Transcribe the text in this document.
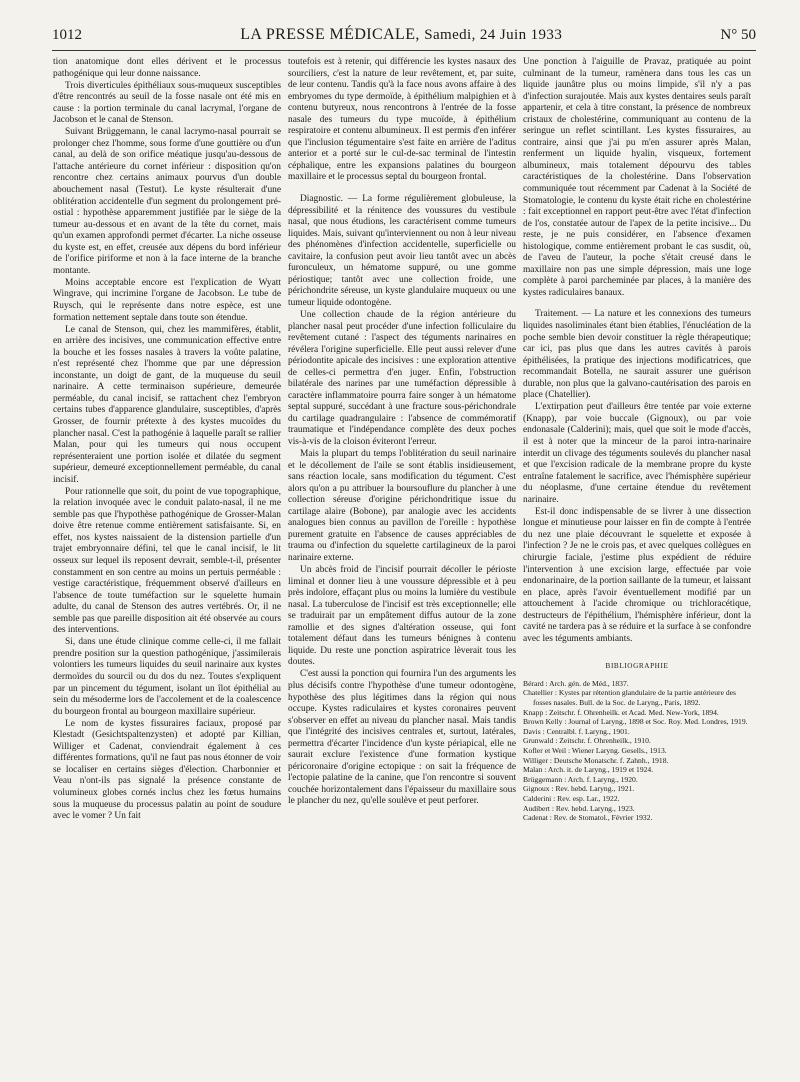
1012	LA PRESSE MÉDICALE, Samedi, 24 Juin 1933	N° 50

tion anatomique dont elles dérivent et le processus pathogénique qui leur donne naissance.

Trois diverticules épithéliaux sous-muqueux susceptibles d'être rencontrés au seuil de la fosse nasale ont été mis en cause : la portion terminale du canal lacrymal, l'organe de Jacobson et le canal de Stenson.

Suivant Brüggemann, le canal lacrymo-nasal pourrait se prolonger chez l'homme, sous forme d'une gouttière ou d'un canal, au delà de son orifice méatique jusqu'au-dessous de l'attache antérieure du cornet inférieur : disposition qu'on rencontre chez certains animaux pourvus d'un double abouchement nasal (Testut). Le kyste résulterait d'une oblitération accidentelle d'un segment du prolongement pré-ostial : hypothèse apparemment justifiée par le siège de la tumeur au-dessous et en avant de la tête du cornet, mais qu'un examen approfondi permet d'écarter. La niche osseuse du kyste est, en effet, creusée aux dépens du bord inférieur de l'orifice piriforme et non à la face interne de la branche montante.

Moins acceptable encore est l'explication de Wyatt Wingrave, qui incrimine l'organe de Jacobson. Le tube de Ruysch, qui le représente dans notre espèce, est une formation nettement septale dans toute son étendue.

Le canal de Stenson, qui, chez les mammifères, établit, en arrière des incisives, une communication effective entre la bouche et les fosses nasales à travers la voûte palatine, n'est représenté chez l'homme que par une dépression inconstante, un doigt de gant, de la muqueuse du seuil narinaire. A cette terminaison supérieure, demeurée perméable, du canal incisif, se rattachent chez l'embryon certains tubes d'apparence glandulaire, susceptibles, d'après Grosser, de fournir prétexte à des kystes mucoïdes du plancher nasal. C'est la pathogénie à laquelle paraît se rallier Malan, pour qui les tumeurs qui nous occupent représenteraient une portion isolée et dilatée du segment supérieur, demeuré exceptionnellement perméable, du canal incisif.

Pour rationnelle que soit, du point de vue topographique, la relation invoquée avec le conduit palato-nasal, il ne me semble pas que l'hypothèse pathogénique de Grosser-Malan doive être retenue comme entièrement satisfaisante. Si, en effet, nos kystes naissaient de la distension partielle d'un trajet embryonnaire défini, tel que le canal incisif, le lit osseux sur lequel ils reposent devrait, semble-t-il, présenter constamment en son centre au moins un pertuis perméable : vestige caractéristique, fréquemment observé d'ailleurs en l'absence de toute tuméfaction sur le squelette humain adulte, du canal de Stenson des autres vertébrés. Or, il ne semble pas que pareille disposition ait été observée au cours des interventions.

Si, dans une étude clinique comme celle-ci, il me fallait prendre position sur la question pathogénique, j'assimilerais volontiers les tumeurs liquides du seuil narinaire aux kystes dermoïdes du sourcil ou du dos du nez. Toutes s'expliquent par un pincement du tégument, isolant un îlot épithélial au sein du mésoderme lors de l'accolement et de la coalescence du bourgeon frontal au bourgeon maxillaire supérieur.

Le nom de kystes fissuraires faciaux, proposé par Klestadt (Gesichtspaltenzysten) et adopté par Killian, Williger et Cadenat, conviendrait également à ces différentes formations, qu'il ne faut pas nous étonner de voir se localiser en certains sièges d'élection. Charbonnier et Veau n'ont-ils pas signalé la présence constante de volumineux globes cornés inclus chez les fœtus humains sous la muqueuse du processus palatin au point de soudure avec le vomer ? Un fait

toutefois est à retenir, qui différencie les kystes nasaux des sourciliers, c'est la nature de leur revêtement, et, par suite, de leur contenu. Tandis qu'à la face nous avons affaire à des embryomes du type dermoïde, à épithélium malpighien et à contenu butyreux, nous rencontrons à l'entrée de la fosse nasale des tumeurs du type mucoïde, à épithélium respiratoire et contenu albumineux. Il est permis d'en inférer que l'inclusion tégumentaire s'est faite en arrière de l'aditus anterior et a porté sur le cul-de-sac terminal de l'intestin céphalique, entre les expansions palatines du bourgeon maxillaire et le processus septal du bourgeon frontal.

Diagnostic. — La forme régulièrement globuleuse, la dépressibilité et la rénitence des voussures du vestibule nasal, que nous étudions, les caractérisent comme tumeurs liquides. Mais, suivant qu'interviennent ou non à leur niveau des phénomènes d'infection accidentelle, superficielle ou cavitaire, la confusion peut avoir lieu tantôt avec un abcès furonculeux, un hématome suppuré, ou une gomme périostique; tantôt avec une collection froide, une périchondrite séreuse, un kyste glandulaire muqueux ou une tumeur liquide odontogène.

Une collection chaude de la région antérieure du plancher nasal peut procéder d'une infection folliculaire du revêtement cutané : l'aspect des téguments narinaires en révélera l'origine superficielle. Elle peut aussi relever d'une périodontite apicale des incisives : une exploration attentive de celles-ci permettra d'en juger. Enfin, l'obstruction bilatérale des narines par une tuméfaction dépressible à caractère inflammatoire pourra faire songer à un hématome septal suppuré, succédant à une fracture sous-périchondrale du cartilage quadrangulaire : l'absence de commémoratif traumatique et l'indépendance complète des deux poches vis-à-vis de la cloison éviteront l'erreur.

Mais la plupart du temps l'oblitération du seuil narinaire et le décollement de l'aile se sont établis insidieusement, sans réaction locale, sans modification du tégument. C'est alors qu'on a pu attribuer la boursouflure du plancher à une collection séreuse d'origine périchondritique issue du cartilage alaire (Bobone), par analogie avec les accidents analogues bien connus au pavillon de l'oreille : hypothèse purement gratuite en l'absence de causes appréciables de trauma ou d'infection du squelette cartilagineux de la paroi narinaire externe.

Un abcès froid de l'incisif pourrait décoller le périoste liminal et donner lieu à une voussure dépressible et à peu près indolore, effaçant plus ou moins la lumière du vestibule nasal. La tuberculose de l'incisif est très exceptionnelle; elle se traduirait par un empâtement diffus autour de la zone ramollie et des signes d'altération osseuse, qui font totalement défaut dans les tumeurs bénignes à contenu liquide. Du reste une ponction aspiratrice lèverait tous les doutes.

C'est aussi la ponction qui fournira l'un des arguments les plus décisifs contre l'hypothèse d'une tumeur odontogène, hypothèse des plus légitimes dans la région qui nous occupe. Kystes radiculaires et kystes coronaires peuvent s'observer en effet au niveau du plancher nasal. Mais tandis que l'intégrité des incisives centrales et, surtout, latérales, permettra d'écarter l'incidence d'un kyste périapical, elle ne saurait exclure l'existence d'une formation kystique péricoronaire d'origine ectopique : on sait la fréquence de l'ectopie palatine de la canine, que l'on rencontre si souvent couchée horizontalement dans l'épaisseur du maxillaire sous le plancher du nez, qu'elle soulève et peut perforer.

Une ponction à l'aiguille de Pravaz, pratiquée au point culminant de la tumeur, ramènera dans tous les cas un liquide jaunâtre plus ou moins limpide, s'il n'y a pas d'infection surajoutée. Mais aux kystes dentaires seuls paraît appartenir, et cela à titre constant, la présence de nombreux cristaux de cholestérine, communiquant au contenu de la seringue un reflet scintillant. Les kystes fissuraires, au contraire, ainsi que j'ai pu m'en assurer après Malan, renferment un liquide hyalin, visqueux, fortement albumineux, mais totalement dépourvu des tables caractéristiques de la cholestérine. Dans l'observation communiquée tout récemment par Cadenat à la Société de Stomatologie, le contenu du kyste était riche en cholestérine : fait exceptionnel en rapport peut-être avec l'état d'infection de l'os, constatée autour de l'apex de la petite incisive... Du reste, je ne puis considérer, en l'absence d'examen histologique, comme entièrement probant le cas susdit, où, de l'aveu de l'auteur, la poche s'était creusé dans le maxillaire non pas une simple dépression, mais une loge complète à paroi parcheminée par places, à la manière des kystes radiculaires banaux.

Traitement. — La nature et les connexions des tumeurs liquides nasoliminales étant bien établies, l'énucléation de la poche semble bien devoir constituer la règle thérapeutique; car ici, pas plus que dans les autres cavités à parois épithélisées, la pratique des injections modificatrices, que recommandait Botella, ne saurait assurer une guérison durable, non plus que la galvano-cautérisation des parois en place (Chatellier).

L'extirpation peut d'ailleurs être tentée par voie externe (Knapp), par voie buccale (Gignoux), ou par voie endonasale (Calderini); mais, quel que soit le mode d'accès, il est à noter que la minceur de la paroi intra-narinaire interdit un clivage des téguments soulevés du plancher nasal et que l'excision radicale de la membrane propre du kyste entraîne fatalement le sacrifice, avec l'hémisphère supérieur du néoplasme, d'une certaine étendue du revêtement narinaire.

Est-il donc indispensable de se livrer à une dissection longue et minutieuse pour laisser en fin de compte à l'entrée du nez une plaie découvrant le squelette et exposée à l'infection ? Je ne le crois pas, et avec quelques collègues en chirurgie faciale, j'estime plus expédient de réduire l'intervention à une excision large, effectuée par voie endonarinaire, de la portion saillante de la tumeur, et laissant en place, après l'avoir éventuellement modifié par un attouchement à l'acide chromique ou trichloracétique, destructeurs de l'épithélium, l'hémisphère inférieur, dont la cavité ne tardera pas à se réduire et la surface à se confondre avec les téguments ambiants.

BIBLIOGRAPHIE
Bérard : Arch. gén. de Méd., 1837.
Chatellier : Kystes par rétention glandulaire de la partie antérieure des fosses nasales. Bull. de la Soc. de Laryng., Paris, 1892.
Knapp : Zeitschr. f. Ohrenheilk. et Acad. Med. New-York, 1894.
Brown Kelly : Journal of Laryng., 1898 et Soc. Roy. Med. Londres, 1919.
Davis : Centralbl. f. Laryng., 1901.
Grunwald : Zeitschr. f. Ohrenheilk., 1910.
Kofler et Weil : Wiener Laryng. Gesells., 1913.
Williger : Deutsche Monatschr. f. Zahnh., 1918.
Malan : Arch. it. de Laryng., 1919 et 1924.
Brüggemann : Arch. f. Laryng., 1920.
Gignoux : Rev. hebd. Laryng., 1921.
Calderini : Rev. esp. Lar., 1922.
Audibert : Rev. hebd. Laryng., 1923.
Cadenat : Rev. de Stomatol., Février 1932.
